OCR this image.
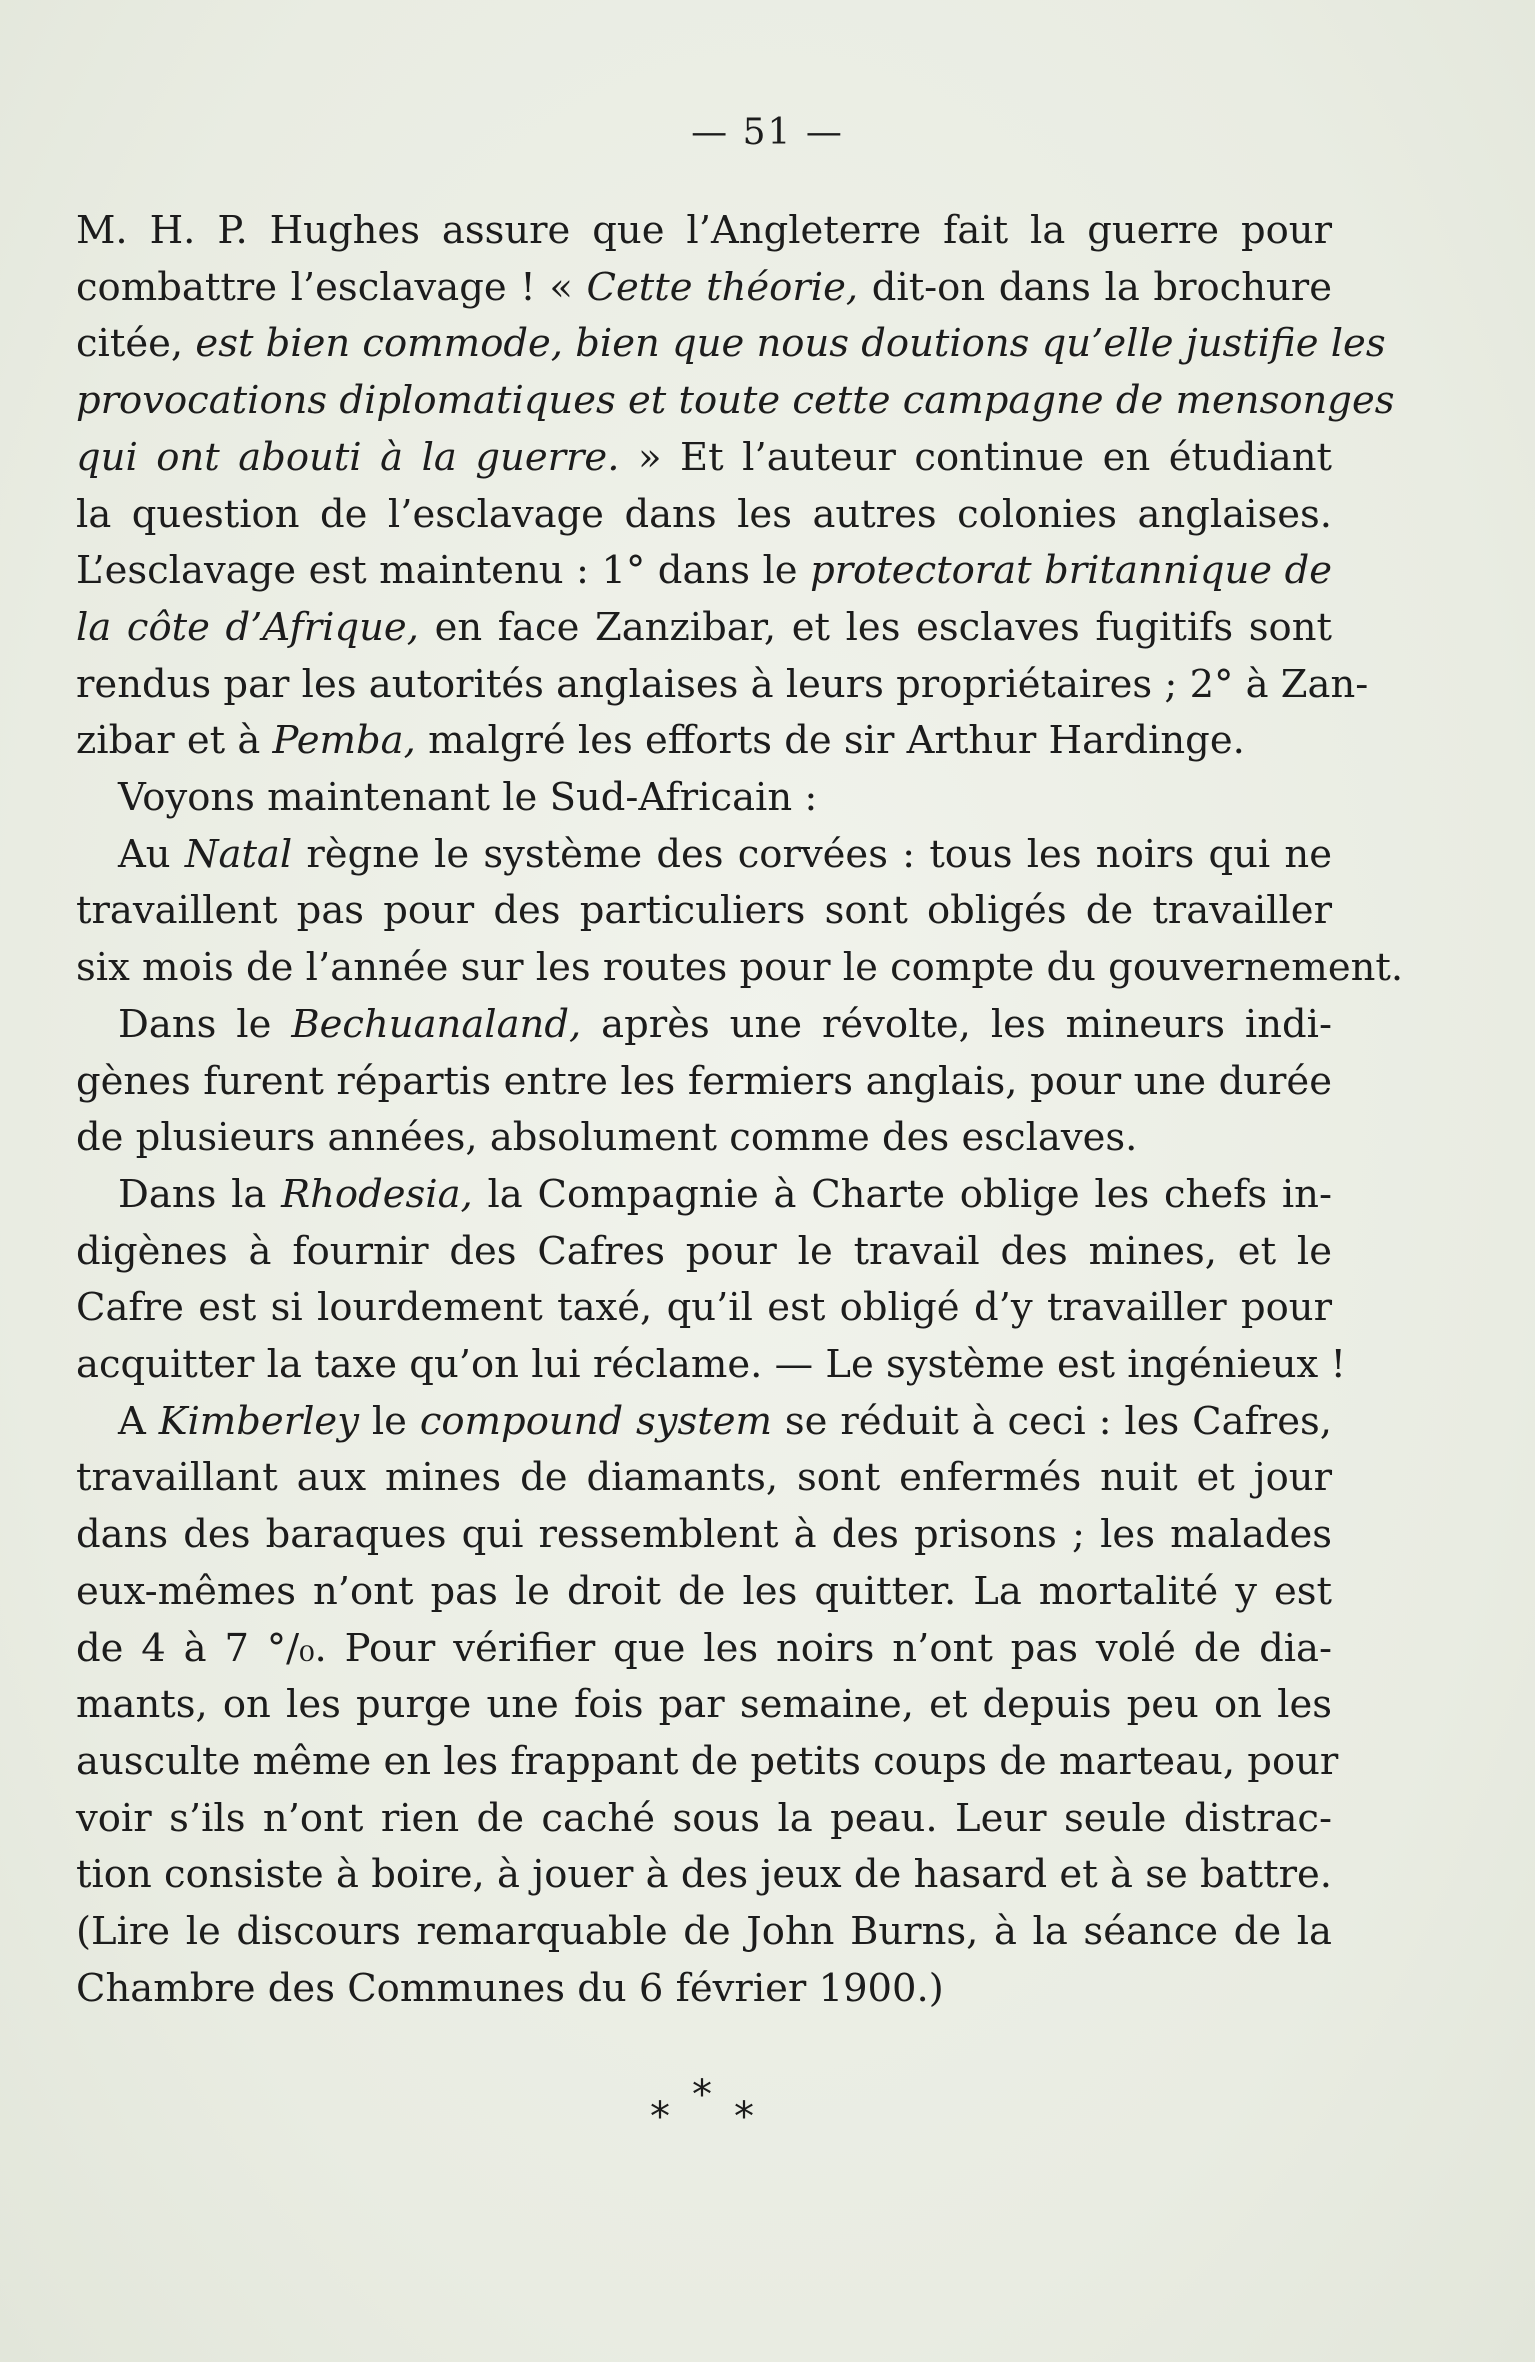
— 51 —
M. H. P. Hughes assure que l’Angleterre fait la guerre pour
combattre l’esclavage ! « Cette théorie, dit-on dans la brochure
citée, est bien commode, bien que nous doutions qu’elle justifie les
provocations diplomatiques et toute cette campagne de mensonges
qui ont abouti à la guerre. » Et l’auteur continue en étudiant
la question de l’esclavage dans les autres colonies anglaises.
L’esclavage est maintenu : 1° dans le protectorat britannique de
la côte d’Afrique, en face Zanzibar, et les esclaves fugitifs sont
rendus par les autorités anglaises à leurs propriétaires ; 2° à Zan-
zibar et à Pemba, malgré les efforts de sir Arthur Hardinge.
Voyons maintenant le Sud-Africain :
Au Natal règne le système des corvées : tous les noirs qui ne
travaillent pas pour des particuliers sont obligés de travailler
six mois de l’année sur les routes pour le compte du gouvernement.
Dans le Bechuanaland, après une révolte, les mineurs indi-
gènes furent répartis entre les fermiers anglais, pour une durée
de plusieurs années, absolument comme des esclaves.
Dans la Rhodesia, la Compagnie à Charte oblige les chefs in-
digènes à fournir des Cafres pour le travail des mines, et le
Cafre est si lourdement taxé, qu’il est obligé d’y travailler pour
acquitter la taxe qu’on lui réclame. — Le système est ingénieux !
A Kimberley le compound system se réduit à ceci : les Cafres,
travaillant aux mines de diamants, sont enfermés nuit et jour
dans des baraques qui ressemblent à des prisons ; les malades
eux-mêmes n’ont pas le droit de les quitter. La mortalité y est
de 4 à 7 °/₀. Pour vérifier que les noirs n’ont pas volé de dia-
mants, on les purge une fois par semaine, et depuis peu on les
ausculte même en les frappant de petits coups de marteau, pour
voir s’ils n’ont rien de caché sous la peau. Leur seule distrac-
tion consiste à boire, à jouer à des jeux de hasard et à se battre.
(Lire le discours remarquable de John Burns, à la séance de la
Chambre des Communes du 6 février 1900.)
*
* *
